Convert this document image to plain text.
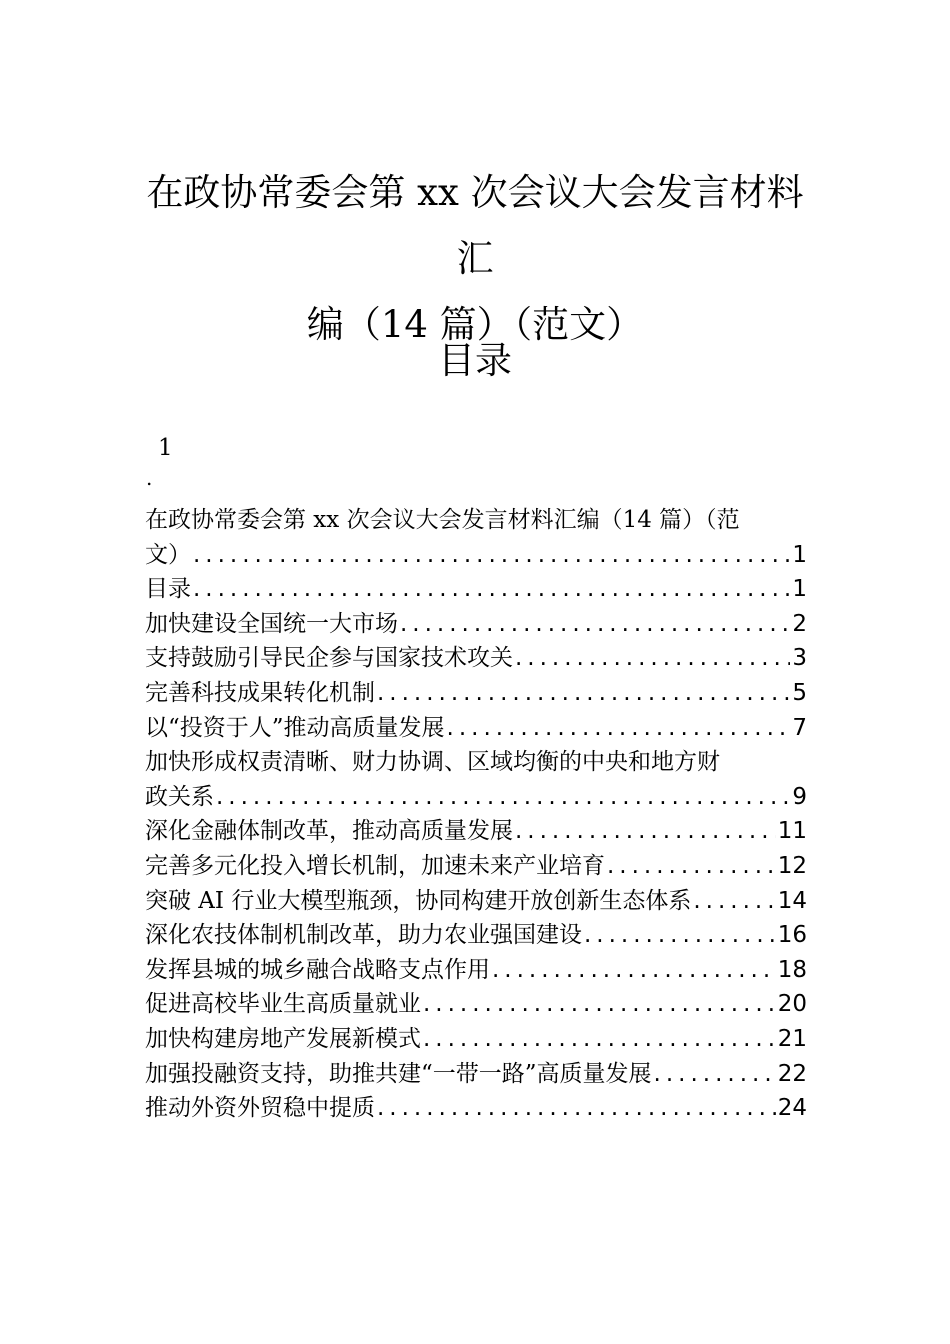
在政协常委会第 xx 次会议大会发言材料汇
编（14 篇）（范文）
目录
1
.
在政协常委会第 xx 次会议大会发言材料汇编（14 篇）（范
文） .....	1
目录 .....	1
加快建设全国统一大市场 .....	2
支持鼓励引导民企参与国家技术攻关 .....	3
完善科技成果转化机制 .....	5
以“投资于人”推动高质量发展 .....	7
加快形成权责清晰、财力协调、区域均衡的中央和地方财
政关系 .....	9
深化金融体制改革，推动高质量发展 .....	11
完善多元化投入增长机制，加速未来产业培育 .....	12
突破 AI 行业大模型瓶颈，协同构建开放创新生态体系 .....	14
深化农技体制机制改革，助力农业强国建设 .....	16
发挥县城的城乡融合战略支点作用 .....	18
促进高校毕业生高质量就业 .....	20
加快构建房地产发展新模式 .....	21
加强投融资支持，助推共建“一带一路”高质量发展 .....	22
推动外资外贸稳中提质 .....	24
